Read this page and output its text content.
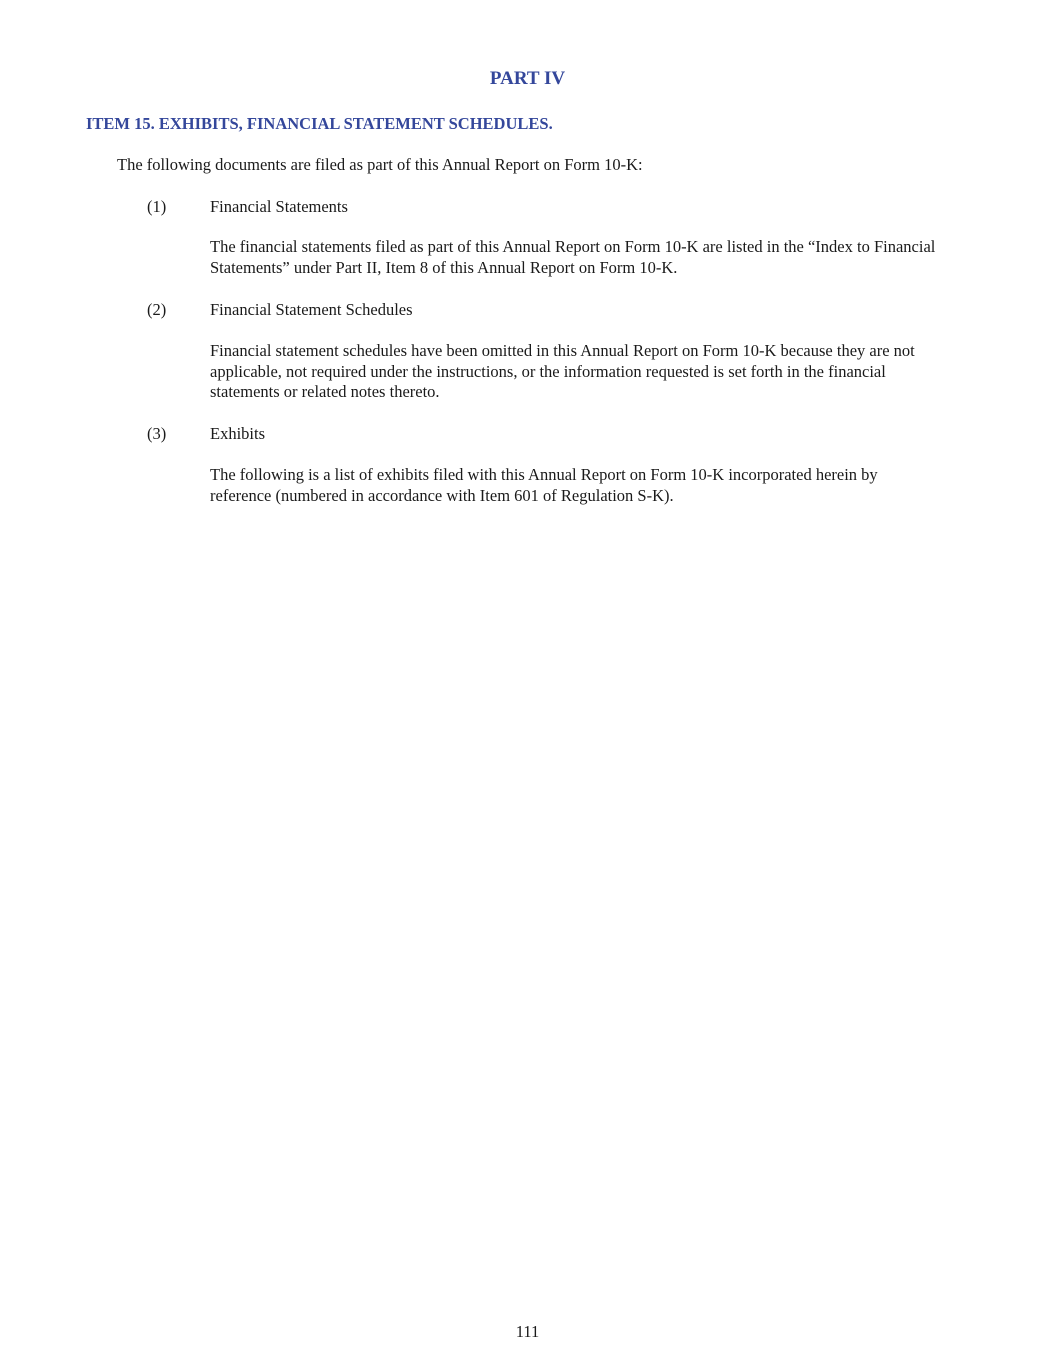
PART IV
ITEM 15. EXHIBITS, FINANCIAL STATEMENT SCHEDULES.
The following documents are filed as part of this Annual Report on Form 10-K:
(1)	Financial Statements
The financial statements filed as part of this Annual Report on Form 10-K are listed in the “Index to Financial Statements” under Part II, Item 8 of this Annual Report on Form 10-K.
(2)	Financial Statement Schedules
Financial statement schedules have been omitted in this Annual Report on Form 10-K because they are not applicable, not required under the instructions, or the information requested is set forth in the financial statements or related notes thereto.
(3)	Exhibits
The following is a list of exhibits filed with this Annual Report on Form 10-K incorporated herein by reference (numbered in accordance with Item 601 of Regulation S-K).
111
